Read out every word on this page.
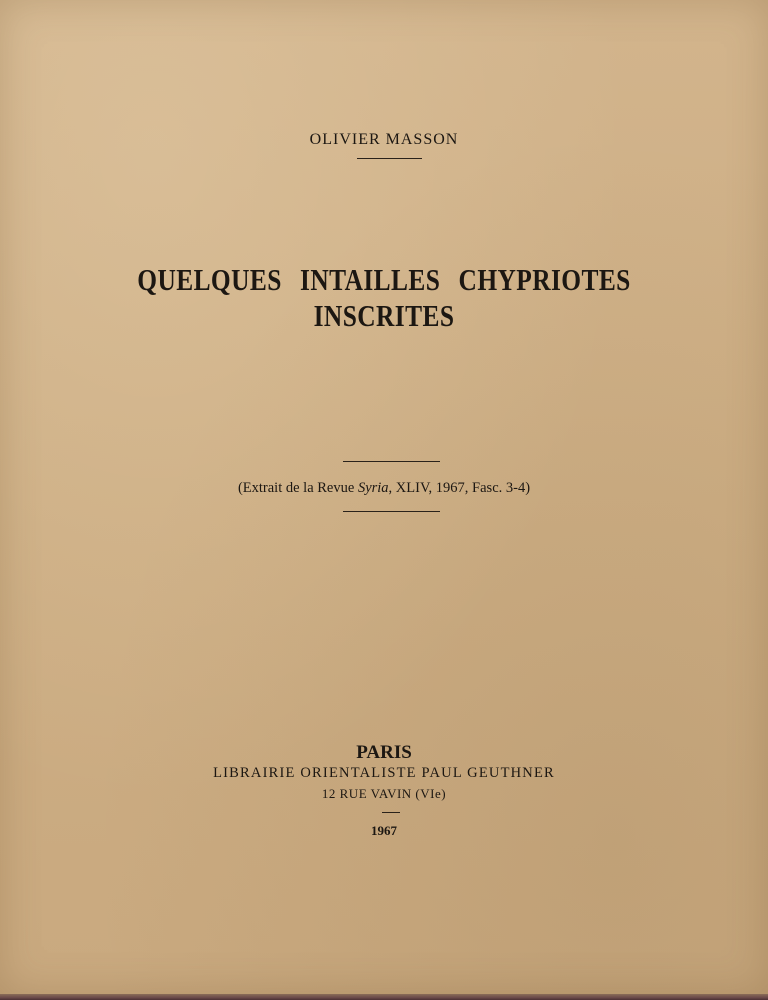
OLIVIER MASSON
QUELQUES INTAILLES CHYPRIOTES INSCRITES
(Extrait de la Revue Syria, XLIV, 1967, Fasc. 3-4)
PARIS
LIBRAIRIE ORIENTALISTE PAUL GEUTHNER
12 RUE VAVIN (VIe)
1967
